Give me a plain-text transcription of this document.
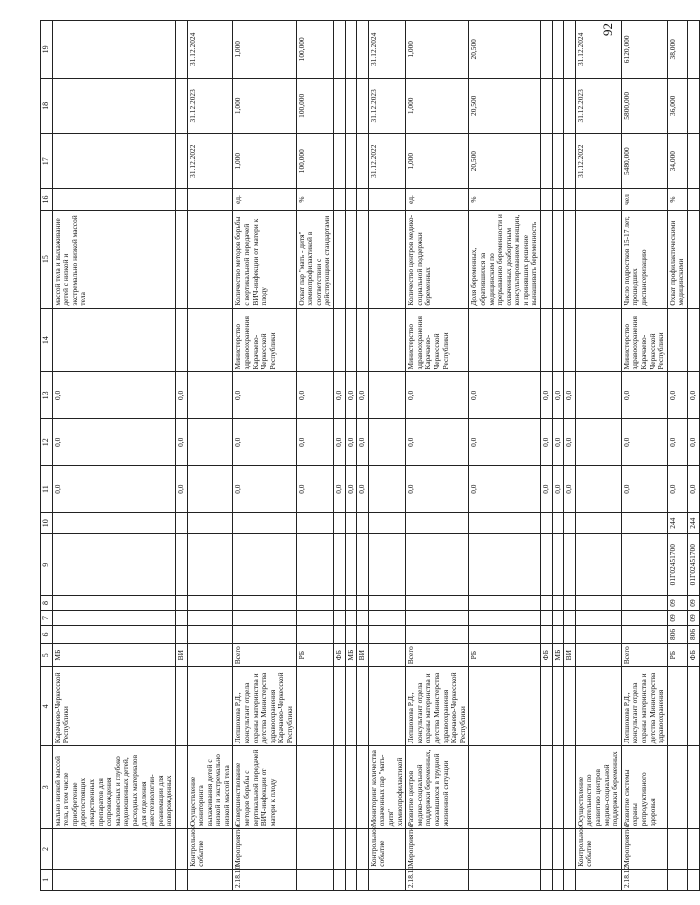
92
1	2	3	4	5	6	7	8	9	10	11	12	13	14	15	16	17	18	19
		мально низкой массой тела, в том числе приобретение дорогостоящих лекарственных препаратов для сопровождения маловесных и глубоко недоношенных детей, расходных материалов для отделения анестезиологии-реанимации для новорожденных	Карачаево-Черкесской Республики	МБ						0,0	0,0	0,0		массой тела и выхаживание детей с низкой и экстремально низкой массой тела				
				ВИ						0,0	0,0	0,0						
	Контрольное событие	Осуществление мониторинга выхаживания детей с низкой и экстремально низкой массой тела														31.12.2022	31.12.2023	31.12.2024
2.18.10	Мероприятие	Совершенствование методов борьбы с вертикальной передачей ВИЧ-инфекции от матери к плоду	Лепшокова Р.Д., консультант отдела охраны материнства и детства Министерства здравоохранения Карачаево-Черкесской Республики	Всего						0,0	0,0	0,0	Министерство здравоохранения Карачаево-Черкесской Республики	Количество методов борьбы с вертикальной передачей ВИЧ-инфекции от матери к плоду	ед.	1,000	1,000	1,000
				РБ						0,0	0,0	0,0		Охват пар "мать - дитя" химиопрофилактикой в соответствии с действующими стандартами	%	100,000	100,000	100,000
				ФБ						0,0	0,0	0,0						
				МБ						0,0	0,0	0,0						
				ВИ						0,0	0,0	0,0						
	Контрольное событие	Мониторинг количества охваченных пар "мать-дитя" химиопрофилактикой														31.12.2022	31.12.2023	31.12.2024
2.18.11	Мероприятие	Развитие центров медико-социальной поддержки беременных, оказавшихся в трудной жизненной ситуации	Лепшокова Р.Д., консультант отдела охраны материнства и детства Министерства здравоохранения Карачаево-Черкесской Республики	Всего						0,0	0,0	0,0	Министерство здравоохранения Карачаево-Черкесской Республики	Количество центров медико-социальной поддержки беременных	ед.	1,000	1,000	1,000
				РБ						0,0	0,0	0,0		Доля беременных, обратившихся за медицинским по прерыванию беременности и охваченных доабортным консультированием женщин, и принявших решение вынашивать беременность	%	20,500	20,500	20,500
				ФБ						0,0	0,0	0,0						
				МБ						0,0	0,0	0,0						
				ВИ						0,0	0,0	0,0						
	Контрольное событие	Осуществление деятельности по развитию центров медико-социальной поддержки беременных														31.12.2022	31.12.2023	31.12.2024
2.18.12	Мероприятие	Развитие системы охраны репродуктивного здоровья	Лепшокова Р.Д., консультант отдела охраны материнства и детства Министерства здравоохранения	Всего						0,0	0,0	0,0	Министерство здравоохранения Карачаево-Черкесской Республики	Число подростков 15-17 лет, прошедших диспансеризацию	чел	5480,000	5800,000	6120,000
				РБ	806	09	09	01Г02451700	244	0,0	0,0	0,0		Охват профилактическими медицинскими	%	34,000	36,000	38,000
				ФБ	806	09	09	01Г02451700	244	0,0	0,0	0,0						
